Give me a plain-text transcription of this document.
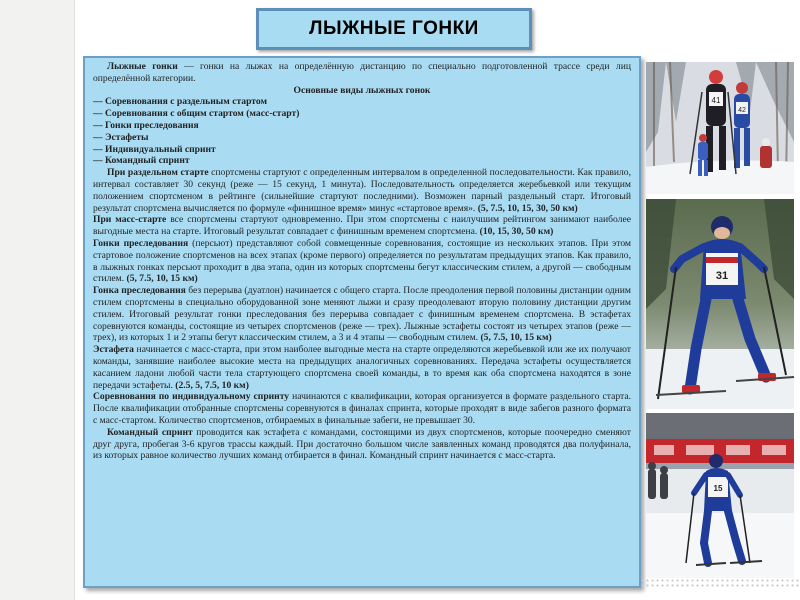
ЛЫЖНЫЕ ГОНКИ

Лыжные гонки — гонки на лыжах на определённую дистанцию по специально подготовленной трассе среди лиц определённой категории.

Основные виды лыжных гонок

— Соревнования с раздельным стартом

— Соревнования с общим стартом (масс-старт)

— Гонки преследования

— Эстафеты

— Индивидуальный спринт

— Командный спринт

При раздельном старте спортсмены стартуют с определенным интервалом в определенной последовательности. Как правило, интервал составляет 30 секунд (реже — 15 секунд, 1 минута). Последовательность определяется жеребьевкой или текущим положением спортсменом в рейтинге (сильнейшие стартуют последними). Возможен парный раздельный старт. Итоговый результат спортсмена вычисляется по формуле «финишное время» минус «стартовое время». (5, 7.5, 10, 15, 30, 50 км)

При масс-старте все спортсмены стартуют одновременно. При этом спортсмены с наилучшим рейтингом занимают наиболее выгодные места на старте. Итоговый результат совпадает с финишным временем спортсмена. (10, 15, 30, 50 км)

Гонки преследования (персьют) представляют собой совмещенные соревнования, состоящие из нескольких этапов. При этом стартовое положение спортсменов на всех этапах (кроме первого) определяется по результатам предыдущих этапов. Как правило, в лыжных гонках персьют проходит в два этапа, один из которых спортсмены бегут классическим стилем, а другой — свободным стилем. (5, 7.5, 10, 15 км)

Гонка преследования без перерыва (дуатлон) начинается с общего старта. После преодоления первой половины дистанции одним стилем спортсмены в специально оборудованной зоне меняют лыжи и сразу преодолевают вторую половину дистанции другим стилем. Итоговый результат гонки преследования без перерыва совпадает с финишным временем спортсмена. В эстафетах соревнуются команды, состоящие из четырех спортсменов (реже — трех). Лыжные эстафеты состоят из четырех этапов (реже — трех), из которых 1 и 2 этапы бегут классическим стилем, а 3 и 4 этапы — свободным стилем. (5, 7.5, 10, 15 км)

Эстафета начинается с масс-старта, при этом наиболее выгодные места на старте определяются жеребьевкой или же их получают команды, занявшие наиболее высокие места на предыдущих аналогичных соревнованиях. Передача эстафеты осуществляется касанием ладони любой части тела стартующего спортсмена своей команды, в то время как оба спортсмена находятся в зоне передачи эстафеты. (2.5, 5, 7.5, 10 км)

Соревнования по индивидуальному спринту начинаются с квалификации, которая организуется в формате раздельного старта. После квалификации отобранные спортсмены соревнуются в финалах спринта, которые проходят в виде забегов разного формата с масс-стартом. Количество спортсменов, отбираемых в финальные забеги, не превышает 30.

Командный спринт проводится как эстафета с командами, состоящими из двух спортсменов, которые поочередно сменяют друг друга, пробегая 3-6 кругов трассы каждый. При достаточно большом числе заявленных команд проводятся два полуфинала, из которых равное количество лучших команд отбирается в финал. Командный спринт начинается с масс-старта.

42
41
31
15
